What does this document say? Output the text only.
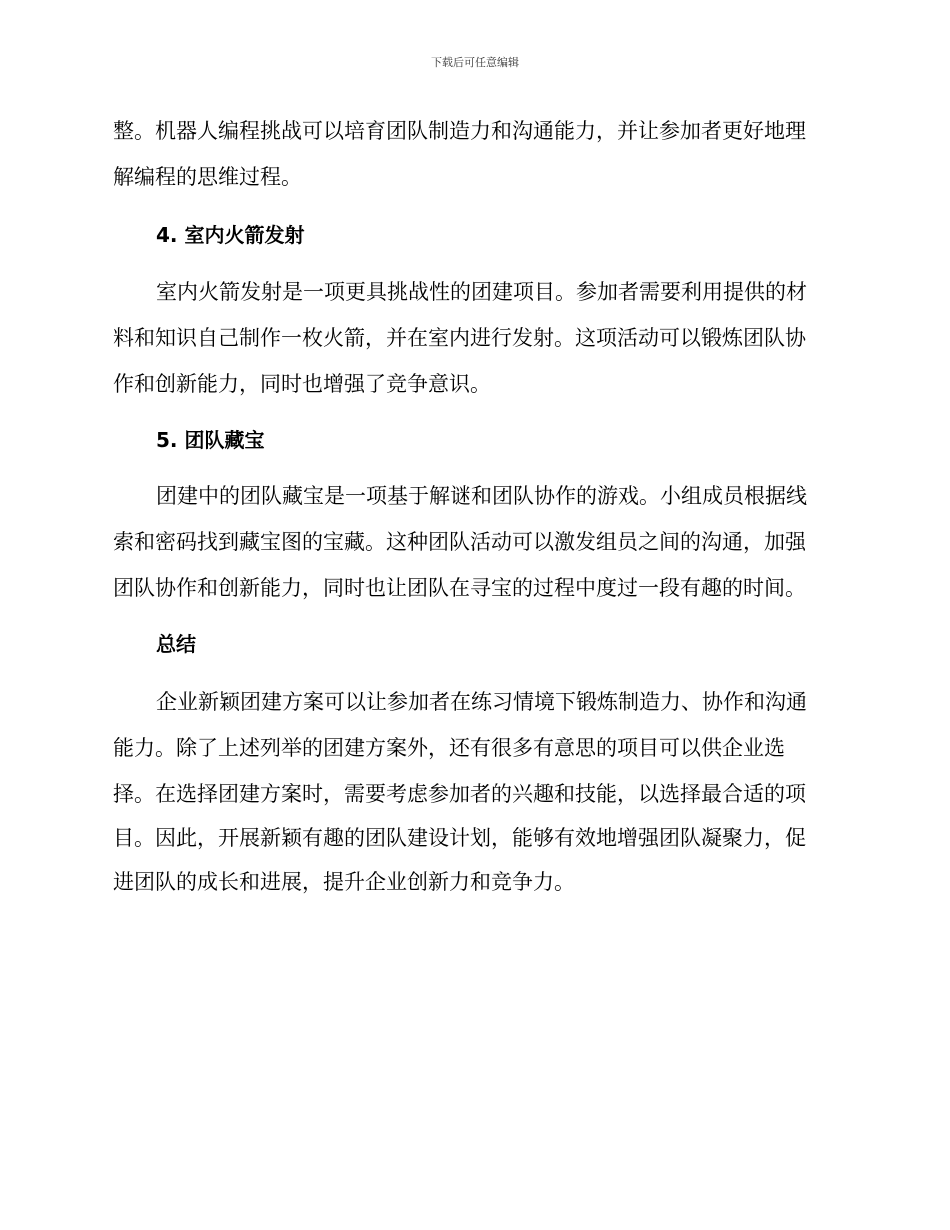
下载后可任意编辑
整。机器人编程挑战可以培育团队制造力和沟通能力，并让参加者更好地理
解编程的思维过程。
4. 室内火箭发射
室内火箭发射是一项更具挑战性的团建项目。参加者需要利用提供的材
料和知识自己制作一枚火箭，并在室内进行发射。这项活动可以锻炼团队协
作和创新能力，同时也增强了竞争意识。
5. 团队藏宝
团建中的团队藏宝是一项基于解谜和团队协作的游戏。小组成员根据线
索和密码找到藏宝图的宝藏。这种团队活动可以激发组员之间的沟通，加强
团队协作和创新能力，同时也让团队在寻宝的过程中度过一段有趣的时间。
总结
企业新颖团建方案可以让参加者在练习情境下锻炼制造力、协作和沟通
能力。除了上述列举的团建方案外，还有很多有意思的项目可以供企业选
择。在选择团建方案时，需要考虑参加者的兴趣和技能，以选择最合适的项
目。因此，开展新颖有趣的团队建设计划，能够有效地增强团队凝聚力，促
进团队的成长和进展，提升企业创新力和竞争力。
